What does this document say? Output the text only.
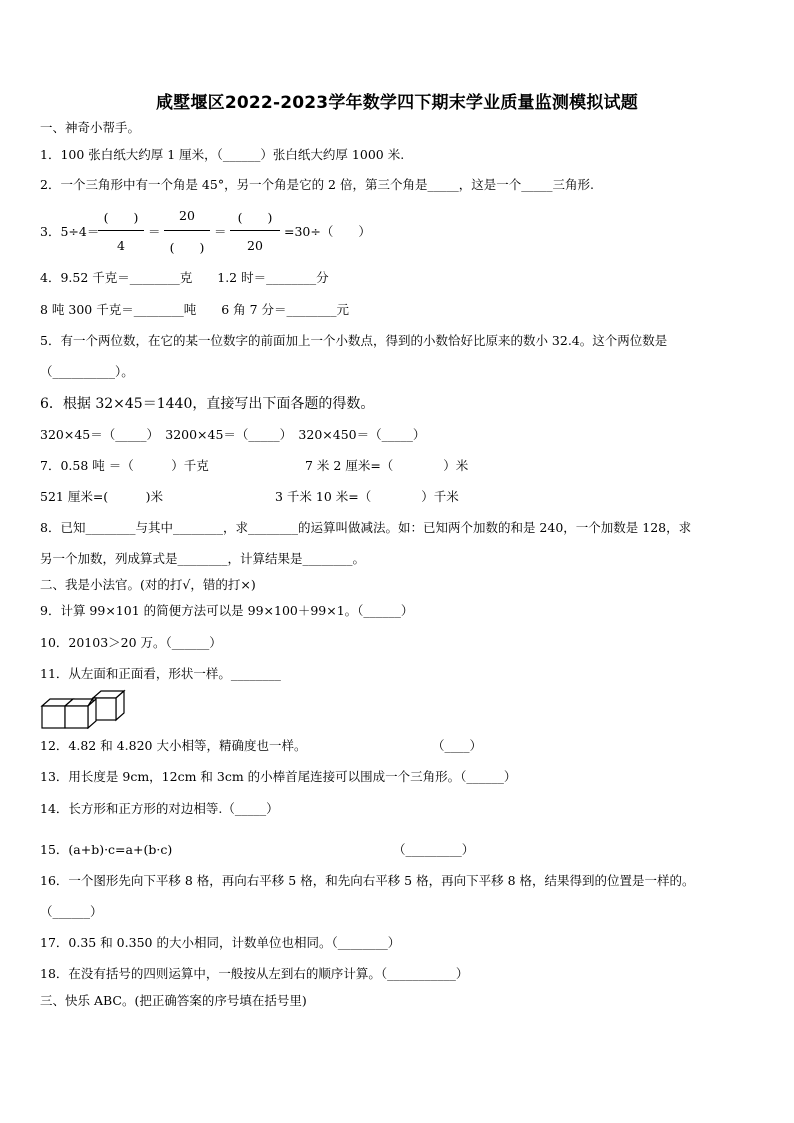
咸墅堰区2022-2023学年数学四下期末学业质量监测模拟试题
一、神奇小帮手。
1．100 张白纸大约厚 1 厘米，（______）张白纸大约厚 1000 米.
2．一个三角形中有一个角是 45°，另一个角是它的 2 倍，第三个角是_____，这是一个_____三角形.
3．5÷4＝
(　　)
4
＝
20
(　　)
＝
(　　)
20
=30÷（　　）
4．9.52 千克＝________克　　1.2 时＝________分
8 吨 300 千克＝________吨　　6 角 7 分＝________元
5．有一个两位数，在它的某一位数字的前面加上一个小数点，得到的小数恰好比原来的数小 32.4。这个两位数是
（__________）。
6．根据 32×45＝1440，直接写出下面各题的得数。
320×45＝（_____）　3200×45＝（_____）　320×450＝（_____）
7．0.58 吨 ＝（　　　）千克	7 米 2 厘米=（　　　　）米
521 厘米=(　　　)米	3 千米 10 米=（　　　　）千米
8．已知________与其中________，求________的运算叫做减法。如：已知两个加数的和是 240，一个加数是 128，求
另一个加数，列成算式是________，计算结果是________。
二、我是小法官。(对的打√，错的打×)
9．计算 99×101 的简便方法可以是 99×100＋99×1。（______）
10．20103＞20 万。（______）
11．从左面和正面看，形状一样。________
12．4.82 和 4.820 大小相等，精确度也一样。	（____）
13．用长度是 9cm，12cm 和 3cm 的小棒首尾连接可以围成一个三角形。（______）
14．长方形和正方形的对边相等.（_____）
15．(a+b)·c=a+(b·c)	（_________）
16．一个图形先向下平移 8 格，再向右平移 5 格，和先向右平移 5 格，再向下平移 8 格，结果得到的位置是一样的。
（______）
17．0.35 和 0.350 的大小相同，计数单位也相同。（________）
18．在没有括号的四则运算中，一般按从左到右的顺序计算。（___________）
三、快乐 ABC。(把正确答案的序号填在括号里)
